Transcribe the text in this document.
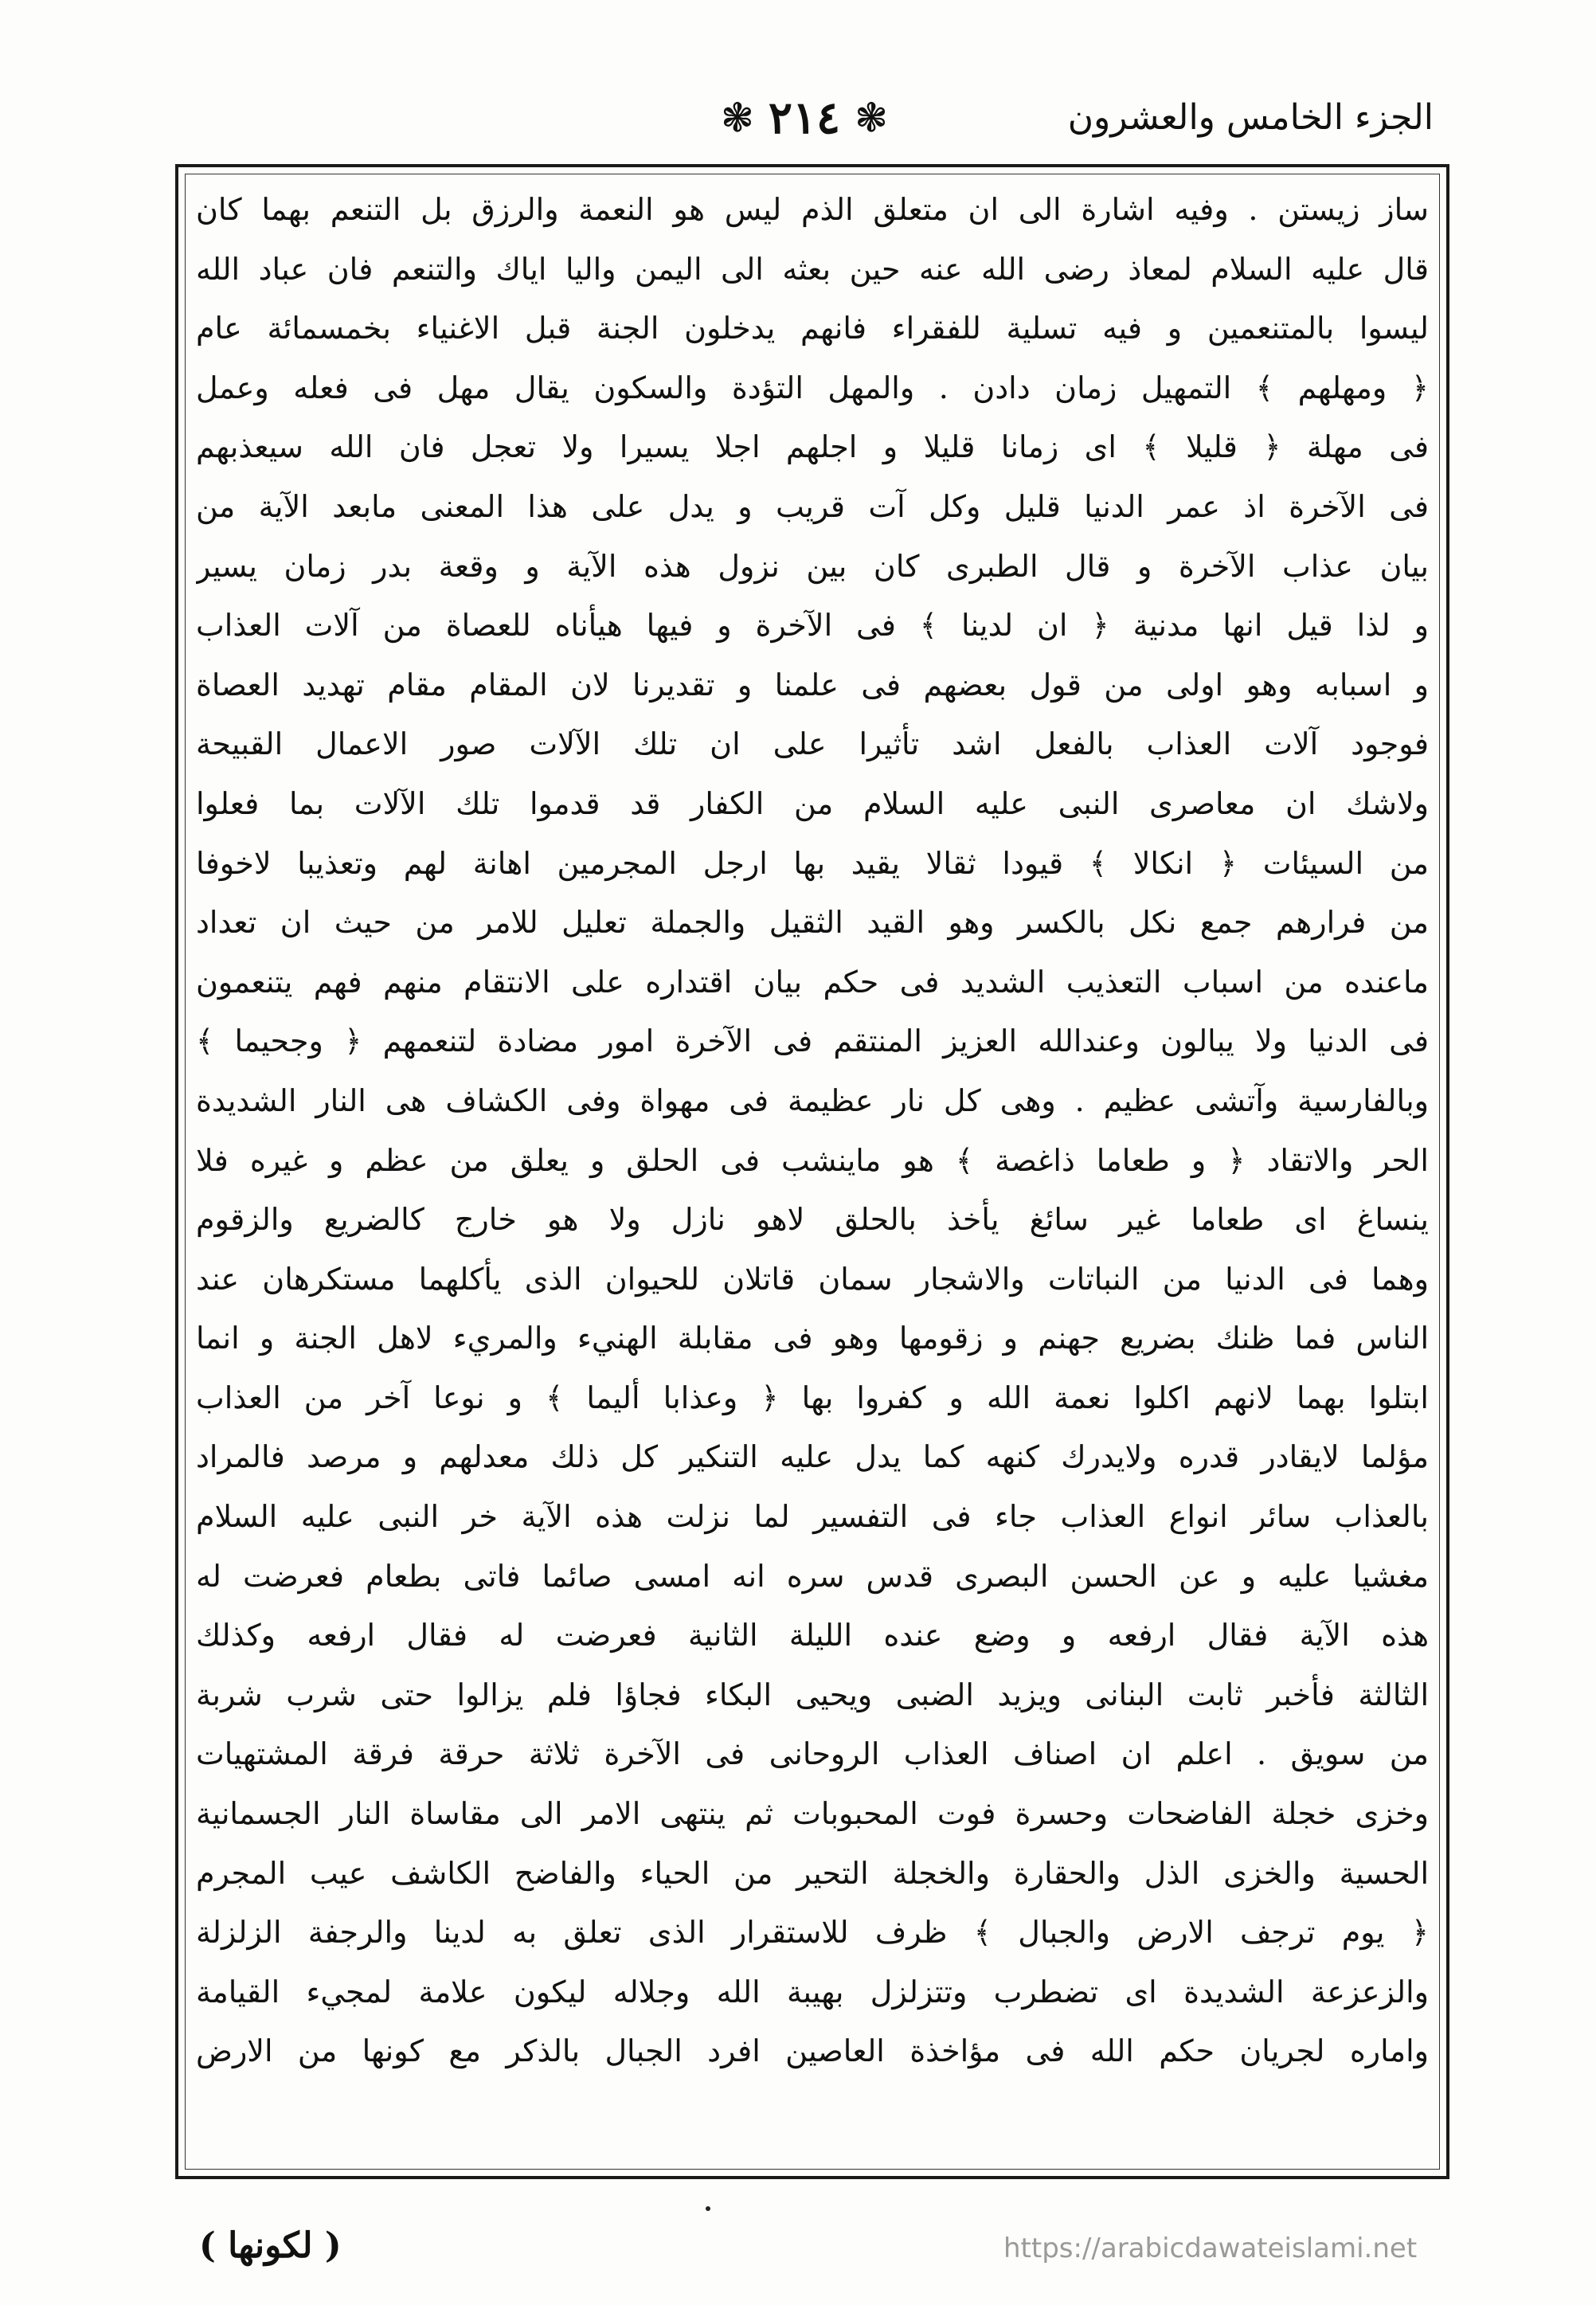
الجزء الخامس والعشرون
❃
٢١٤
❃
ساز زيستن . وفيه اشارة الى ان متعلق الذم ليس هو النعمة والرزق بل التنعم بهما كان
قال عليه السلام لمعاذ رضى الله عنه حين بعثه الى اليمن واليا اياك والتنعم فان عباد الله
ليسوا بالمتنعمين و فيه تسلية للفقراء فانهم يدخلون الجنة قبل الاغنياء بخمسمائة عام
﴿ ومهلهم ﴾ التمهيل زمان دادن . والمهل التؤدة والسكون يقال مهل فى فعله وعمل
فى مهلة ﴿ قليلا ﴾ اى زمانا قليلا و اجلهم اجلا يسيرا ولا تعجل فان الله سيعذبهم
فى الآخرة اذ عمر الدنيا قليل وكل آت قريب و يدل على هذا المعنى مابعد الآية من
بيان عذاب الآخرة و قال الطبرى كان بين نزول هذه الآية و وقعة بدر زمان يسير
و لذا قيل انها مدنية ﴿ ان لدينا ﴾ فى الآخرة و فيها هيأناه للعصاة من آلات العذاب
و اسبابه وهو اولى من قول بعضهم فى علمنا و تقديرنا لان المقام مقام تهديد العصاة
فوجود آلات العذاب بالفعل اشد تأثيرا على ان تلك الآلات صور الاعمال القبيحة
ولاشك ان معاصرى النبى عليه السلام من الكفار قد قدموا تلك الآلات بما فعلوا
من السيئات ﴿ انكالا ﴾ قيودا ثقالا يقيد بها ارجل المجرمين اهانة لهم وتعذيبا لاخوفا
من فرارهم جمع نكل بالكسر وهو القيد الثقيل والجملة تعليل للامر من حيث ان تعداد
ماعنده من اسباب التعذيب الشديد فى حكم بيان اقتداره على الانتقام منهم فهم يتنعمون
فى الدنيا ولا يبالون وعندالله العزيز المنتقم فى الآخرة امور مضادة لتنعمهم ﴿ وجحيما ﴾
وبالفارسية وآتشى عظيم . وهى كل نار عظيمة فى مهواة وفى الكشاف هى النار الشديدة
الحر والاتقاد ﴿ و طعاما ذاغصة ﴾ هو ماينشب فى الحلق و يعلق من عظم و غيره فلا
ينساغ اى طعاما غير سائغ يأخذ بالحلق لاهو نازل ولا هو خارج كالضريع والزقوم
وهما فى الدنيا من النباتات والاشجار سمان قاتلان للحيوان الذى يأكلهما مستكرهان عند
الناس فما ظنك بضريع جهنم و زقومها وهو فى مقابلة الهنيء والمريء لاهل الجنة و انما
ابتلوا بهما لانهم اكلوا نعمة الله و كفروا بها ﴿ وعذابا أليما ﴾ و نوعا آخر من العذاب
مؤلما لايقادر قدره ولايدرك كنهه كما يدل عليه التنكير كل ذلك معدلهم و مرصد فالمراد
بالعذاب سائر انواع العذاب جاء فى التفسير لما نزلت هذه الآية خر النبى عليه السلام
مغشيا عليه و عن الحسن البصرى قدس سره انه امسى صائما فاتى بطعام فعرضت له
هذه الآية فقال ارفعه و وضع عنده الليلة الثانية فعرضت له فقال ارفعه وكذلك
الثالثة فأخبر ثابت البنانى ويزيد الضبى ويحيى البكاء فجاؤا فلم يزالوا حتى شرب شربة
من سويق . اعلم ان اصناف العذاب الروحانى فى الآخرة ثلاثة حرقة فرقة المشتهيات
وخزى خجلة الفاضحات وحسرة فوت المحبوبات ثم ينتهى الامر الى مقاساة النار الجسمانية
الحسية والخزى الذل والحقارة والخجلة التحير من الحياء والفاضح الكاشف عيب المجرم
﴿ يوم ترجف الارض والجبال ﴾ ظرف للاستقرار الذى تعلق به لدينا والرجفة الزلزلة
والزعزعة الشديدة اى تضطرب وتتزلزل بهيبة الله وجلاله ليكون علامة لمجيء القيامة
واماره لجريان حكم الله فى مؤاخذة العاصين افرد الجبال بالذكر مع كونها من الارض
( لكونها )	https://arabicdawateislami.net
